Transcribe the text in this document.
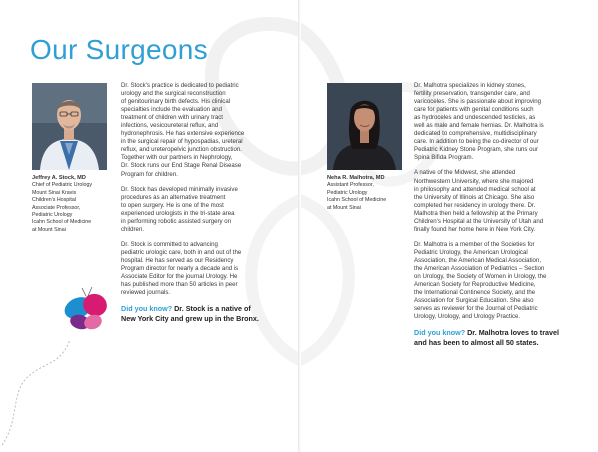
Our Surgeons
Jeffrey A. Stock, MD
Chief of Pediatric Urology
Mount Sinai Kravis
Children's Hospital
Associate Professor,
Pediatric Urology
Icahn School of Medicine
at Mount Sinai

Dr. Stock's practice is dedicated to pediatric
urology and the surgical reconstruction
of genitourinary birth defects. His clinical
specialties include the evaluation and
treatment of children with urinary tract
infections, vesicoureteral reflux, and
hydronephrosis. He has extensive experience
in the surgical repair of hypospadias, ureteral
reflux, and ureteropelvic junction obstruction.
Together with our partners in Nephrology,
Dr. Stock runs our End Stage Renal Disease
Program for children.

Dr. Stock has developed minimally invasive
procedures as an alternative treatment
to open surgery. He is one of the most
experienced urologists in the tri-state area
in performing robotic assisted surgery on
children.

Dr. Stock is committed to advancing
pediatric urologic care, both in and out of the
hospital. He has served as our Residency
Program director for nearly a decade and is
Associate Editor for the journal Urology. He
has published more than 50 articles in peer
reviewed journals.

Did you know? Dr. Stock is a native of
New York City and grew up in the Bronx.
Neha R. Malhotra, MD
Assistant Professor,
Pediatric Urology
Icahn School of Medicine
at Mount Sinai

Dr. Malhotra specializes in kidney stones,
fertility preservation, transgender care, and
varicoceles. She is passionate about improving
care for patients with genital conditions such
as hydroceles and undescended testicles, as
well as male and female hernias. Dr. Malhotra is
dedicated to comprehensive, multidisciplinary
care. In addition to being the co-director of our
Pediatric Kidney Stone Program, she runs our
Spina Bifida Program.

A native of the Midwest, she attended
Northwestern University, where she majored
in philosophy and attended medical school at
the University of Illinois at Chicago. She also
completed her residency in urology there. Dr.
Malhotra then held a fellowship at the Primary
Children's Hospital at the University of Utah and
finally found her home here in New York City.

Dr. Malhotra is a member of the Societies for
Pediatric Urology, the American Urological
Association, the American Medical Association,
the American Association of Pediatrics – Section
on Urology, the Society of Women in Urology, the
American Society for Reproductive Medicine,
the International Continence Society, and the
Association for Surgical Education. She also
serves as reviewer for the Journal of Pediatric
Urology, Urology, and Urology Practice.

Did you know? Dr. Malhotra loves to travel
and has been to almost all 50 states.
